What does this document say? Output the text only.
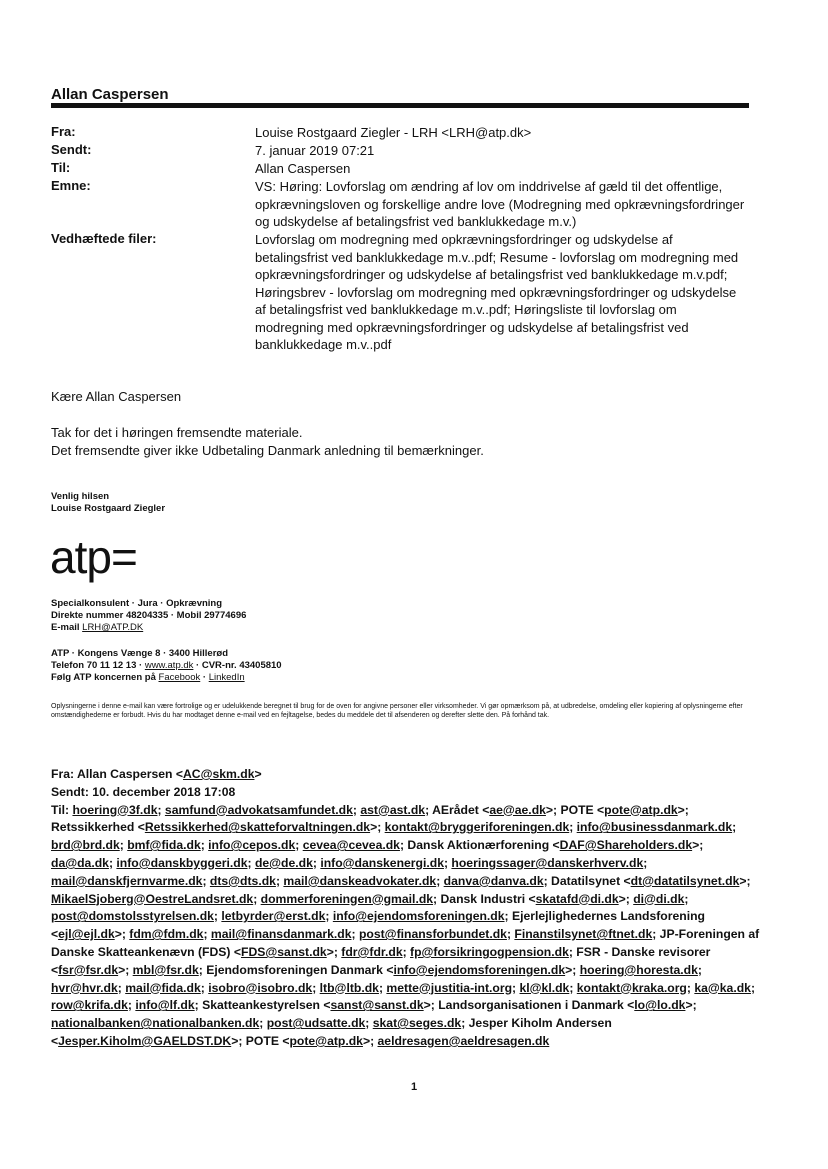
Allan Caspersen
Fra:	Louise Rostgaard Ziegler - LRH <LRH@atp.dk>
Sendt:	7. januar 2019 07:21
Til:	Allan Caspersen
Emne:	VS: Høring: Lovforslag om ændring af lov om inddrivelse af gæld til det offentlige, opkrævningsloven og forskellige andre love (Modregning med opkrævningsfordringer og udskydelse af betalingsfrist ved banklukkedage m.v.)
Vedhæftede filer:	Lovforslag om modregning med opkrævningsfordringer og udskydelse af betalingsfrist ved banklukkedage m.v..pdf; Resume - lovforslag om modregning med opkrævningsfordringer og udskydelse af betalingsfrist ved banklukkedage m.v.pdf; Høringsbrev - lovforslag om modregning med opkrævningsfordringer og udskydelse af betalingsfrist ved banklukkedage m.v..pdf; Høringsliste til lovforslag om modregning med opkrævningsfordringer og udskydelse af betalingsfrist ved banklukkedage m.v..pdf
Kære Allan Caspersen
Tak for det i høringen fremsendte materiale.
Det fremsendte giver ikke Udbetaling Danmark anledning til bemærkninger.
Venlig hilsen
Louise Rostgaard Ziegler
atp=
Specialkonsulent · Jura · Opkrævning
Direkte nummer 48204335 · Mobil 29774696
E-mail LRH@ATP.DK
ATP · Kongens Vænge 8 · 3400 Hillerød
Telefon 70 11 12 13 · www.atp.dk · CVR-nr. 43405810
Følg ATP koncernen på Facebook · LinkedIn
Oplysningerne i denne e-mail kan være fortrolige og er udelukkende beregnet til brug for de oven for angivne personer eller virksomheder. Vi gør opmærksom på, at udbredelse, omdeling eller kopiering af oplysningerne efter omstændighederne er forbudt. Hvis du har modtaget denne e-mail ved en fejltagelse, bedes du meddele det til afsenderen og derefter slette den. På forhånd tak.
Fra: Allan Caspersen <AC@skm.dk>
Sendt: 10. december 2018 17:08
Til: hoering@3f.dk; samfund@advokatsamfundet.dk; ast@ast.dk; AErådet <ae@ae.dk>; POTE <pote@atp.dk>; Retssikkerhed <Retssikkerhed@skatteforvaltningen.dk>; kontakt@bryggeriforeningen.dk; info@businessdanmark.dk; brd@brd.dk; bmf@fida.dk; info@cepos.dk; cevea@cevea.dk; Dansk Aktionærforening <DAF@Shareholders.dk>; da@da.dk; info@danskbyggeri.dk; de@de.dk; info@danskenergi.dk; hoeringssager@danskerhverv.dk; mail@danskfjernvarme.dk; dts@dts.dk; mail@danskeadvokater.dk; danva@danva.dk; Datatilsynet <dt@datatilsynet.dk>; MikaelSjoberg@OestreLandsret.dk; dommerforeningen@gmail.dk; Dansk Industri <skatafd@di.dk>; di@di.dk; post@domstolsstyrelsen.dk; letbyrder@erst.dk; info@ejendomsforeningen.dk; Ejerlejlighedernes Landsforening <ejl@ejl.dk>; fdm@fdm.dk; mail@finansdanmark.dk; post@finansforbundet.dk; Finanstilsynet@ftnet.dk; JP-Foreningen af Danske Skatteankenævn (FDS) <FDS@sanst.dk>; fdr@fdr.dk; fp@forsikringogpension.dk; FSR - Danske revisorer <fsr@fsr.dk>; mbl@fsr.dk; Ejendomsforeningen Danmark <info@ejendomsforeningen.dk>; hoering@horesta.dk; hvr@hvr.dk; mail@fida.dk; isobro@isobro.dk; ltb@ltb.dk; mette@justitia-int.org; kl@kl.dk; kontakt@kraka.org; ka@ka.dk; row@krifa.dk; info@lf.dk; Skatteankestyrelsen <sanst@sanst.dk>; Landsorganisationen i Danmark <lo@lo.dk>; nationalbanken@nationalbanken.dk; post@udsatte.dk; skat@seges.dk; Jesper Kiholm Andersen <Jesper.Kiholm@GAELDST.DK>; POTE <pote@atp.dk>; aeldresagen@aeldresagen.dk
1
